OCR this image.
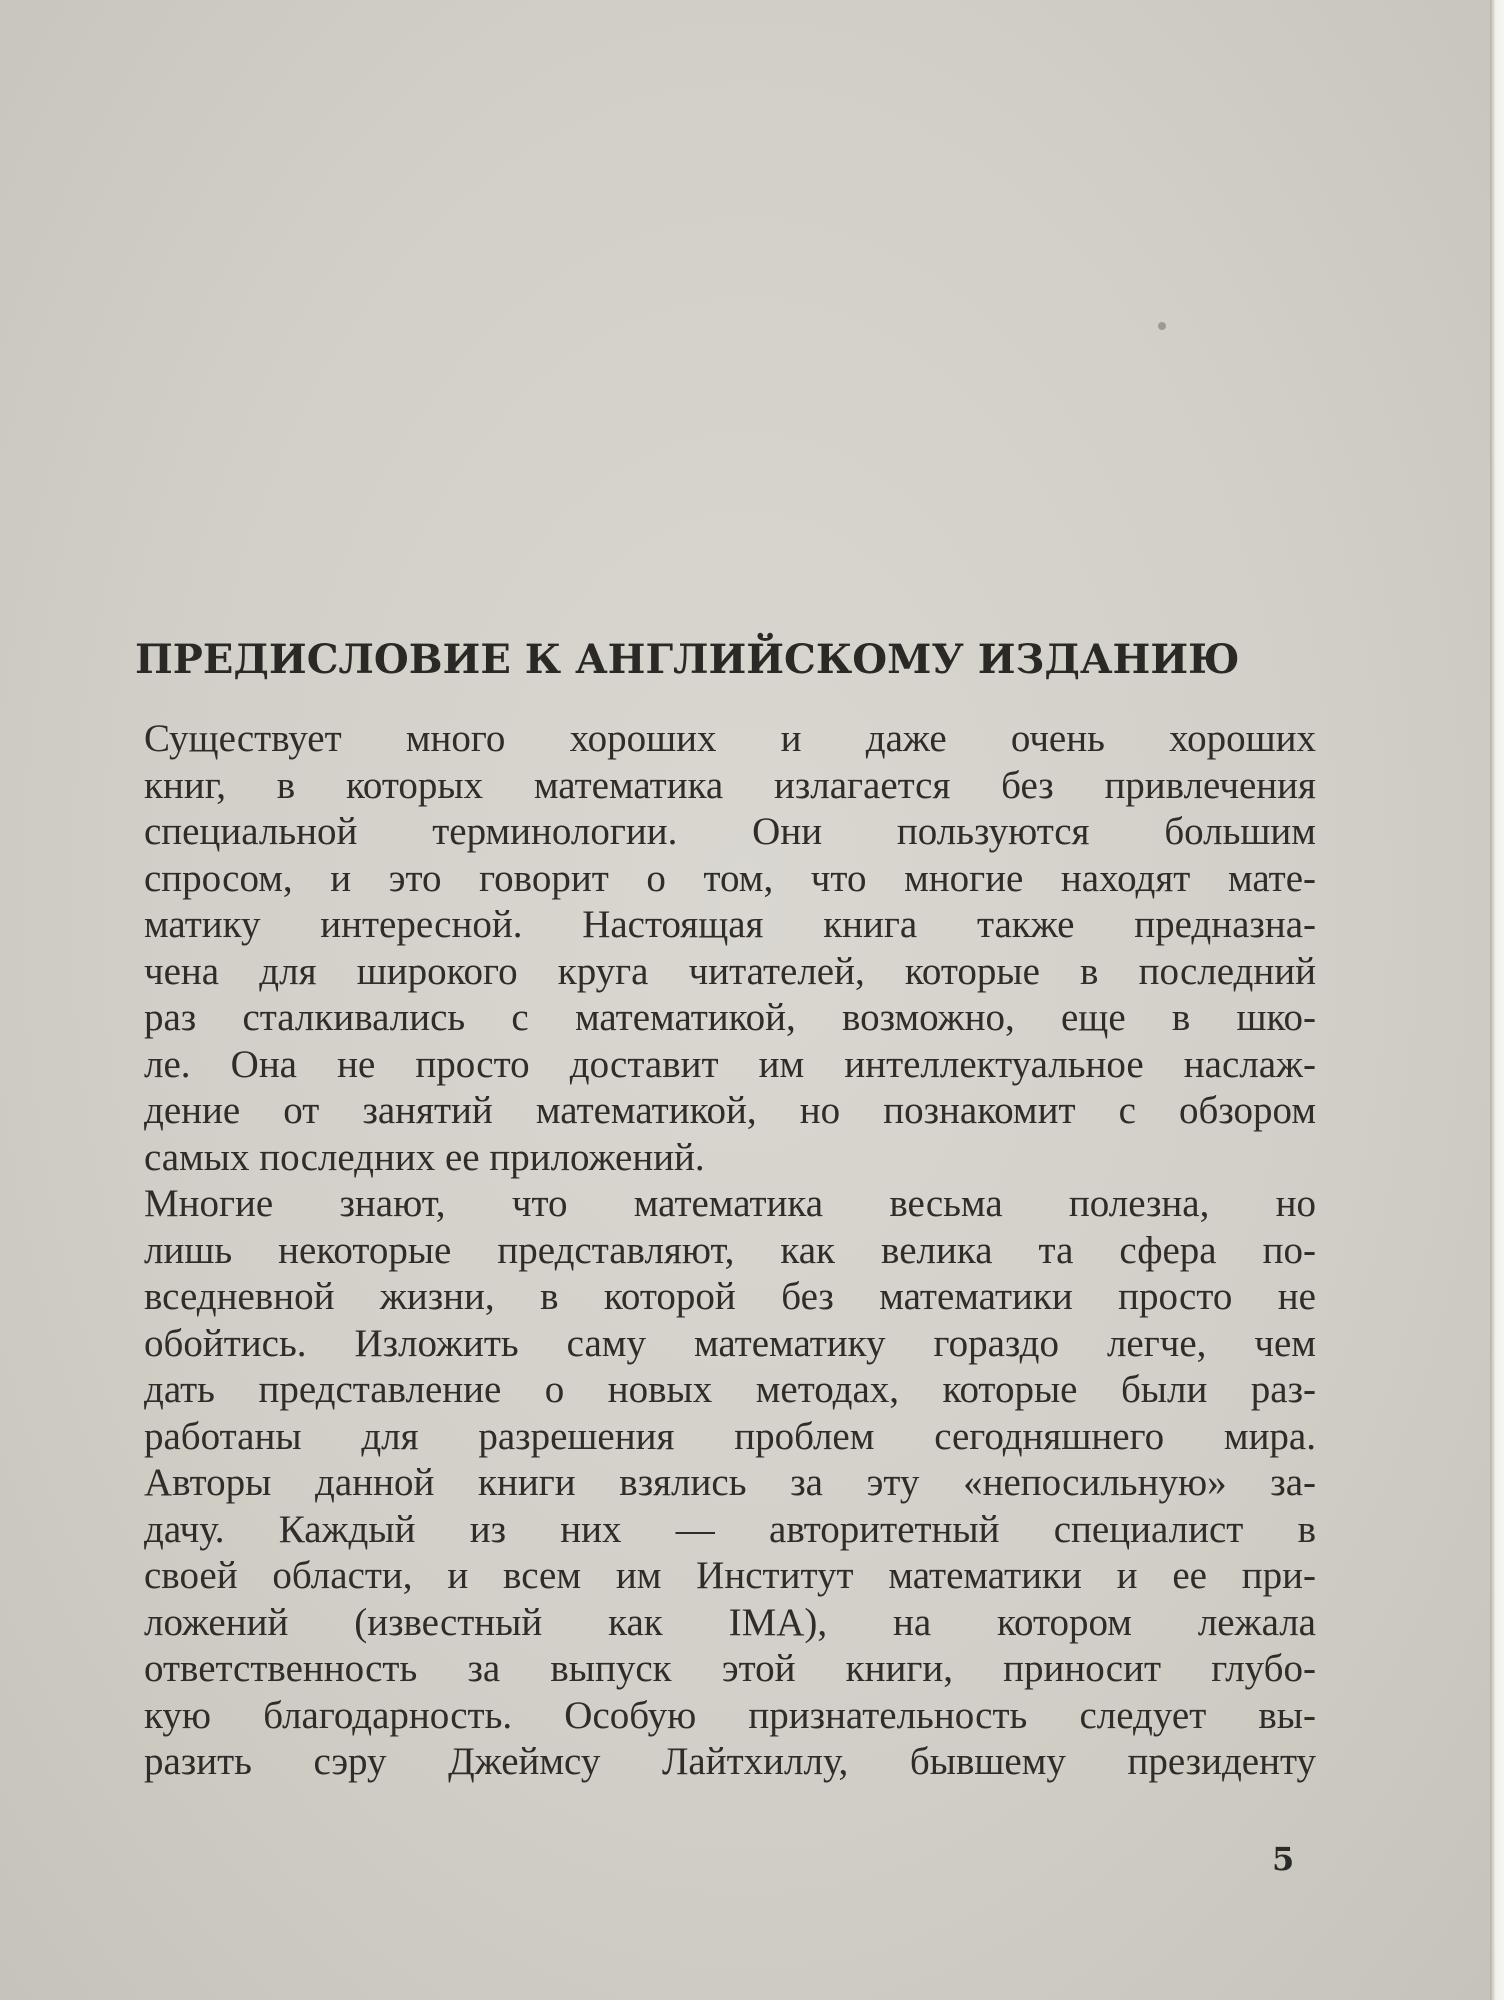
ПРЕДИСЛОВИЕ К АНГЛИЙСКОМУ ИЗДАНИЮ

Существует много хороших и даже очень хороших
книг, в которых математика излагается без привлечения
специальной терминологии. Они пользуются большим
спросом, и это говорит о том, что многие находят мате-
матику интересной. Настоящая книга также предназна-
чена для широкого круга читателей, которые в последний
раз сталкивались с математикой, возможно, еще в шко-
ле. Она не просто доставит им интеллектуальное наслаж-
дение от занятий математикой, но познакомит с обзором
самых последних ее приложений.

Многие знают, что математика весьма полезна, но
лишь некоторые представляют, как велика та сфера по-
вседневной жизни, в которой без математики просто не
обойтись. Изложить саму математику гораздо легче, чем
дать представление о новых методах, которые были раз-
работаны для разрешения проблем сегодняшнего мира.
Авторы данной книги взялись за эту «непосильную» за-
дачу. Каждый из них — авторитетный специалист в
своей области, и всем им Институт математики и ее при-
ложений (известный как IMA), на котором лежала
ответственность за выпуск этой книги, приносит глубо-
кую благодарность. Особую признательность следует вы-
разить сэру Джеймсу Лайтхиллу, бывшему президенту

5
